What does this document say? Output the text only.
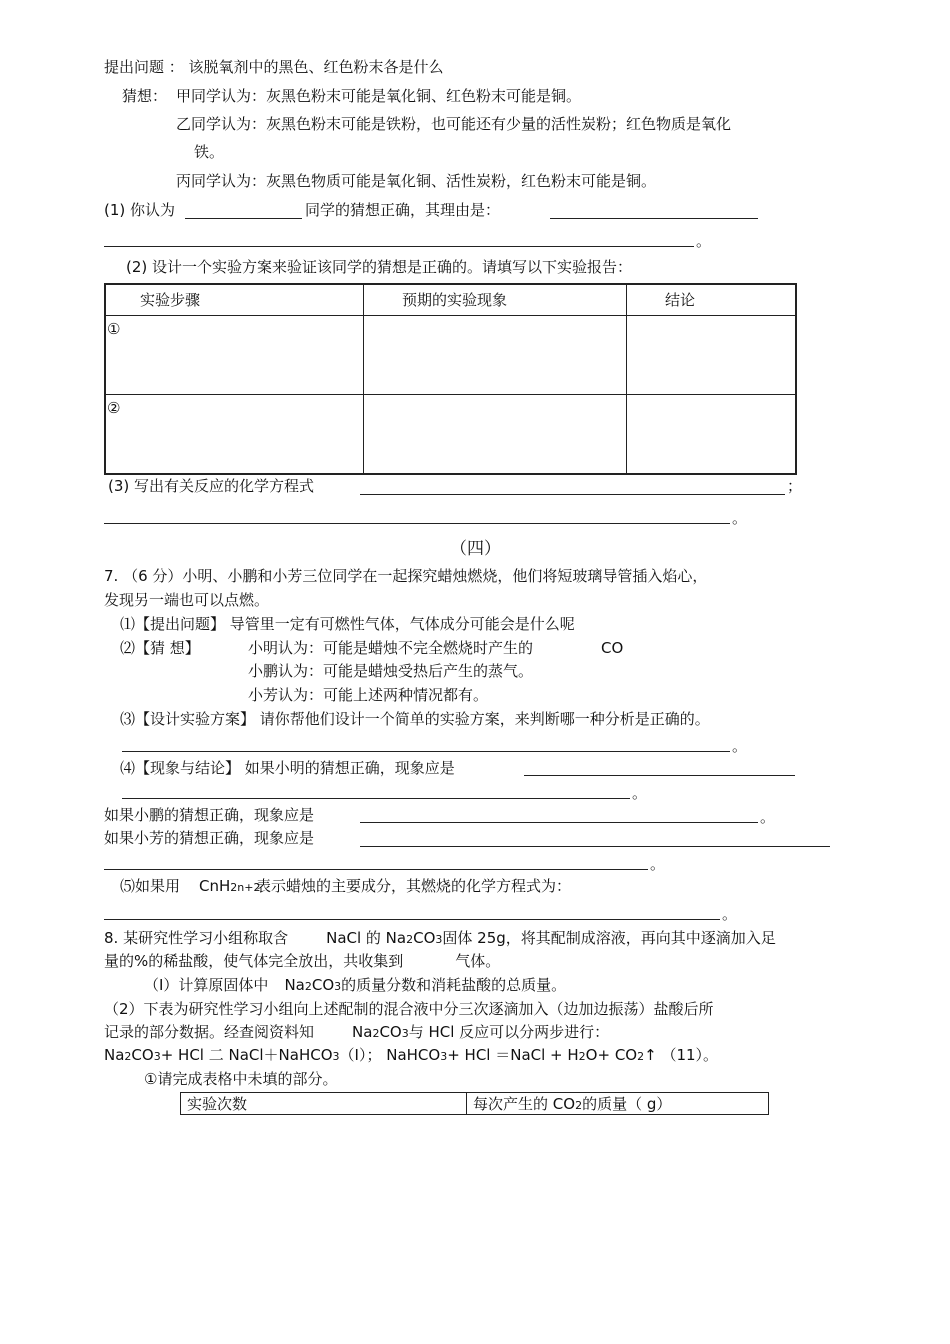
提出问题 ： 该脱氧剂中的黑色、红色粉末各是什么
猜想： 甲同学认为：灰黑色粉末可能是氧化铜、红色粉末可能是铜。
乙同学认为：灰黑色粉末可能是铁粉，也可能还有少量的活性炭粉；红色物质是氧化
铁。
丙同学认为：灰黑色物质可能是氧化铜、活性炭粉，红色粉末可能是铜。
(1) 你认为	同学的猜想正确，其理由是：
。
(2) 设计一个实验方案来验证该同学的猜想是正确的。请填写以下实验报告：
实验步骤	预期的实验现象	结论
①		
②		
(3) 写出有关反应的化学方程式	；
。
（四）
7. （6 分）小明、小鹏和小芳三位同学在一起探究蜡烛燃烧，他们将短玻璃导管插入焰心，
发现另一端也可以点燃。
⑴【提出问题】 导管里一定有可燃性气体，气体成分可能会是什么呢
⑵【猜 想】	小明认为：可能是蜡烛不完全燃烧时产生的	CO
小鹏认为：可能是蜡烛受热后产生的蒸气。
小芳认为：可能上述两种情况都有。
⑶【设计实验方案】 请你帮他们设计一个简单的实验方案，来判断哪一种分析是正确的。
。
⑷【现象与结论】 如果小明的猜想正确，现象应是
。
如果小鹏的猜想正确，现象应是	。
如果小芳的猜想正确，现象应是
。
⑸如果用 CnH2n+2
表示蜡烛的主要成分，其燃烧的化学方程式为：
。
8. 某研究性学习小组称取含	NaCl 的 Na2CO3固体 25g，将其配制成溶液，再向其中逐滴加入足
量的%的稀盐酸，使气体完全放出，共收集到	气体。
（Ⅰ）计算原固体中 Na2CO3的质量分数和消耗盐酸的总质量。
（2）下表为研究性学习小组向上述配制的混合液中分三次逐滴加入（边加边振荡）盐酸后所
记录的部分数据。经查阅资料知	Na2CO3与 HCl 反应可以分两步进行：
Na2CO3+ HCl 二 NaCl＋NaHCO3（Ⅰ）； NaHCO3+ HCl ＝NaCl + H2O+ CO2↑ （11）。
①请完成表格中未填的部分。
实验次数	每次产生的 CO2的质量（ g）
